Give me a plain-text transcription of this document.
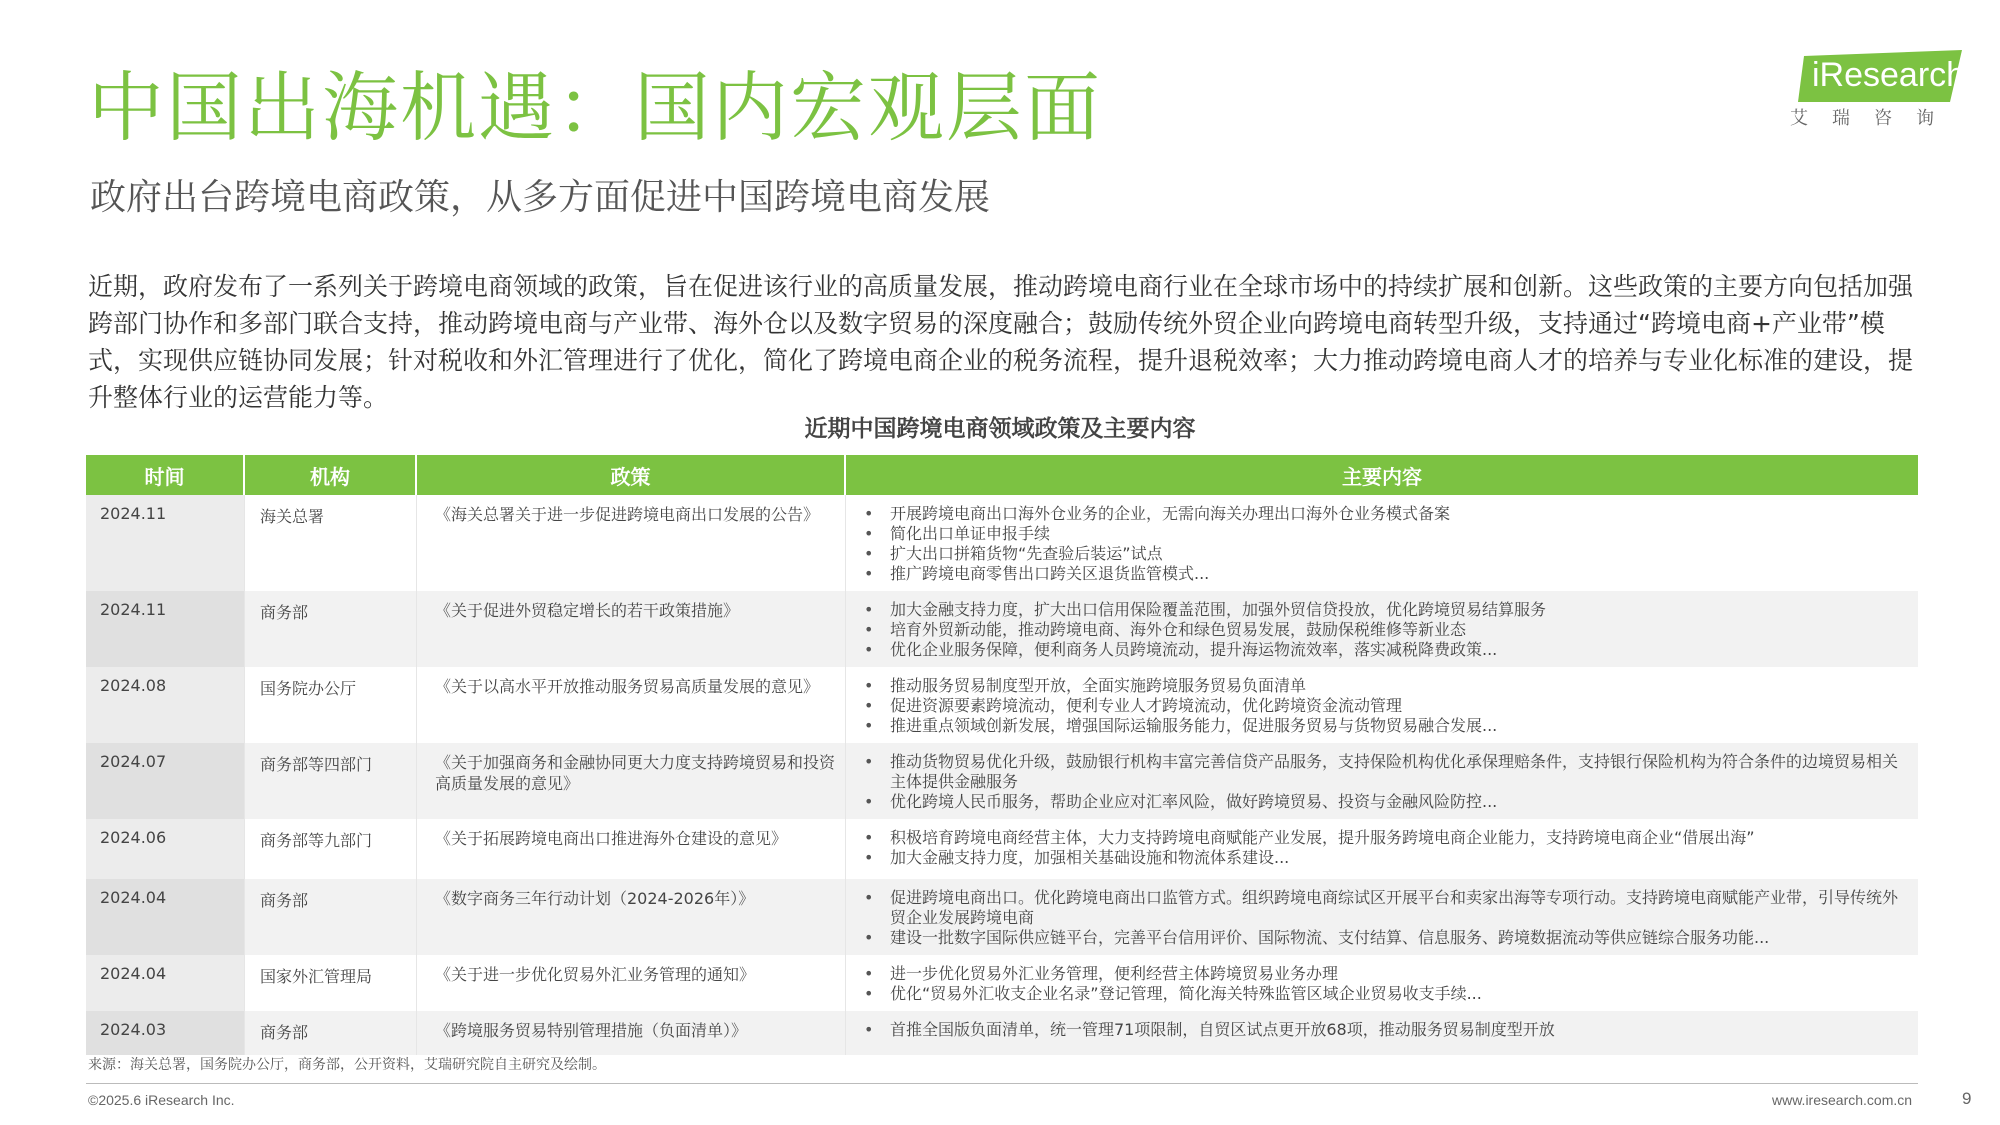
中国出海机遇：国内宏观层面
政府出台跨境电商政策，从多方面促进中国跨境电商发展
iResearch
艾瑞咨询
近期，政府发布了一系列关于跨境电商领域的政策，旨在促进该行业的高质量发展，推动跨境电商行业在全球市场中的持续扩展和创新。这些政策的主要方向包括加强跨部门协作和多部门联合支持，推动跨境电商与产业带、海外仓以及数字贸易的深度融合；鼓励传统外贸企业向跨境电商转型升级，支持通过“跨境电商+产业带”模式，实现供应链协同发展；针对税收和外汇管理进行了优化，简化了跨境电商企业的税务流程，提升退税效率；大力推动跨境电商人才的培养与专业化标准的建设，提升整体行业的运营能力等。
近期中国跨境电商领域政策及主要内容
时间	机构	政策	主要内容
2024.11	海关总署	《海关总署关于进一步促进跨境电商出口发展的公告》	• 开展跨境电商出口海外仓业务的企业，无需向海关办理出口海外仓业务模式备案
• 简化出口单证申报手续
• 扩大出口拼箱货物“先查验后装运”试点
• 推广跨境电商零售出口跨关区退货监管模式...
2024.11	商务部	《关于促进外贸稳定增长的若干政策措施》	• 加大金融支持力度，扩大出口信用保险覆盖范围，加强外贸信贷投放，优化跨境贸易结算服务
• 培育外贸新动能，推动跨境电商、海外仓和绿色贸易发展，鼓励保税维修等新业态
• 优化企业服务保障，便利商务人员跨境流动，提升海运物流效率，落实减税降费政策...
2024.08	国务院办公厅	《关于以高水平开放推动服务贸易高质量发展的意见》	• 推动服务贸易制度型开放，全面实施跨境服务贸易负面清单
• 促进资源要素跨境流动，便利专业人才跨境流动，优化跨境资金流动管理
• 推进重点领域创新发展，增强国际运输服务能力，促进服务贸易与货物贸易融合发展...
2024.07	商务部等四部门	《关于加强商务和金融协同更大力度支持跨境贸易和投资高质量发展的意见》
• 推动货物贸易优化升级，鼓励银行机构丰富完善信贷产品服务，支持保险机构优化承保理赔条件，支持银行保险机构为符合条件的边境贸易相关主体提供金融服务
• 优化跨境人民币服务，帮助企业应对汇率风险，做好跨境贸易、投资与金融风险防控...
2024.06	商务部等九部门	《关于拓展跨境电商出口推进海外仓建设的意见》	• 积极培育跨境电商经营主体，大力支持跨境电商赋能产业发展，提升服务跨境电商企业能力，支持跨境电商企业“借展出海”
• 加大金融支持力度，加强相关基础设施和物流体系建设...
2024.04	商务部	《数字商务三年行动计划（2024-2026年）》	• 促进跨境电商出口。优化跨境电商出口监管方式。组织跨境电商综试区开展平台和卖家出海等专项行动。支持跨境电商赋能产业带，引导传统外贸企业发展跨境电商
• 建设一批数字国际供应链平台，完善平台信用评价、国际物流、支付结算、信息服务、跨境数据流动等供应链综合服务功能...
2024.04	国家外汇管理局	《关于进一步优化贸易外汇业务管理的通知》	• 进一步优化贸易外汇业务管理，便利经营主体跨境贸易业务办理
• 优化“贸易外汇收支企业名录”登记管理，简化海关特殊监管区域企业贸易收支手续...
2024.03	商务部	《跨境服务贸易特别管理措施（负面清单）》	• 首推全国版负面清单，统一管理71项限制，自贸区试点更开放68项，推动服务贸易制度型开放
来源：海关总署，国务院办公厅，商务部，公开资料，艾瑞研究院自主研究及绘制。
©2025.6 iResearch Inc.	www.iresearch.com.cn	9
